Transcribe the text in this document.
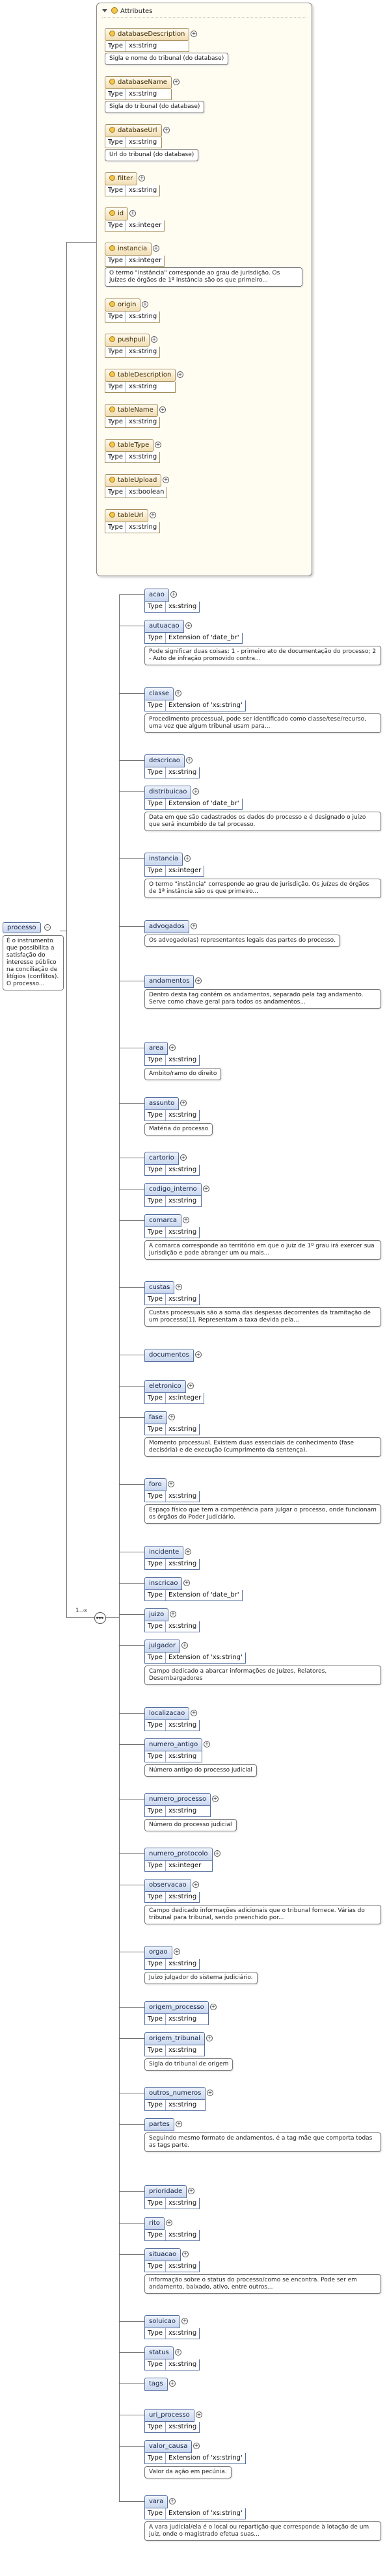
processo −
É o instrumento que possibilita a satisfação do interesse público na conciliação de litígios (conflitos). O processo...
Attributes
databaseDescription
Type xs:string
+
Sigla e nome do tribunal (do database)
databaseName
Type xs:string
+
Sigla do tribunal (do database)
databaseUrl
Type xs:string
+
Url do tribunal (do database)
filter
Type xs:string
+
id
Type xs:integer
+
instancia
Type xs:integer
+
O termo "instância" corresponde ao grau de jurisdição. Os juízes de órgãos de 1ª instância são os que primeiro...
origin
Type xs:string
+
pushpull
Type xs:string
+
tableDescription
Type xs:string
+
tableName
Type xs:string
+
tableType
Type xs:string
+
tableUpload
Type xs:boolean
+
tableUrl
Type xs:string
+
1..∞
acao
Type xs:string
+
autuacao
Type Extension of 'date_br'
+
Pode significar duas coisas: 1 - primeiro ato de documentação do processo; 2 - Auto de infração promovido contra...
classe
Type Extension of 'xs:string'
+
Procedimento processual, pode ser identificado como classe/tese/recurso, uma vez que algum tribunal usam para...
descricao
Type xs:string
+
distribuicao
Type Extension of 'date_br'
+
Data em que são cadastrados os dados do processo e é designado o juízo que será incumbido de tal processo.
instancia
Type xs:integer
+
O termo "instância" corresponde ao grau de jurisdição. Os juízes de órgãos de 1ª instância são os que primeiro...
advogados +
Os advogado(as) representantes legais das partes do processo.
andamentos +
Dentro desta tag contém os andamentos, separado pela tag andamento. Serve como chave geral para todos os andamentos...
area
Type xs:string
+
Ambito/ramo do direito
assunto
Type xs:string
+
Matéria do processo
cartorio
Type xs:string
+
codigo_interno
Type xs:string
+
comarca
Type xs:string
+
A comarca corresponde ao território em que o juiz de 1º grau irá exercer sua jurisdição e pode abranger um ou mais...
custas
Type xs:string
+
Custas processuais são a soma das despesas decorrentes da tramitação de um processo[1]. Representam a taxa devida pela...
documentos +
eletronico
Type xs:integer
+
fase
Type xs:string
+
Momento processual. Existem duas essenciais de conhecimento (fase decisória) e de execução (cumprimento da sentença).
foro
Type xs:string
+
Espaço físico que tem a competência para julgar o processo, onde funcionam os órgãos do Poder Judiciário.
incidente
Type xs:string
+
inscricao
Type Extension of 'date_br'
+
juizo
Type xs:string
+
julgador
Type Extension of 'xs:string'
+
Campo dedicado a abarcar informações de Juízes, Relatores, Desembargadores
localizacao
Type xs:string
+
numero_antigo
Type xs:string
+
Número antigo do processo judicial
numero_processo
Type xs:string
+
Número do processo judicial
numero_protocolo
Type xs:integer
+
observacao
Type xs:string
+
Campo dedicado informações adicionais que o tribunal fornece. Várias do tribunal para tribunal, sendo preenchido por...
orgao
Type xs:string
+
Juízo julgador do sistema judiciário.
origem_processo
Type xs:string
+
origem_tribunal
Type xs:string
+
Sigla do tribunal de origem
outros_numeros
Type xs:string
+
partes +
Seguindo mesmo formato de andamentos, é a tag mãe que comporta todas as tags parte.
prioridade
Type xs:string
+
rito
Type xs:string
+
situacao
Type xs:string
+
Informação sobre o status do processo/como se encontra. Pode ser em andamento, baixado, ativo, entre outros...
soluicao
Type xs:string
+
status
Type xs:string
+
tags +
uri_processo
Type xs:string
+
valor_causa
Type Extension of 'xs:string'
+
Valor da ação em pecúnia.
vara
Type Extension of 'xs:string'
+
A vara judicial/ela é o local ou repartição que corresponde à lotação de um juiz, onde o magistrado efetua suas...
